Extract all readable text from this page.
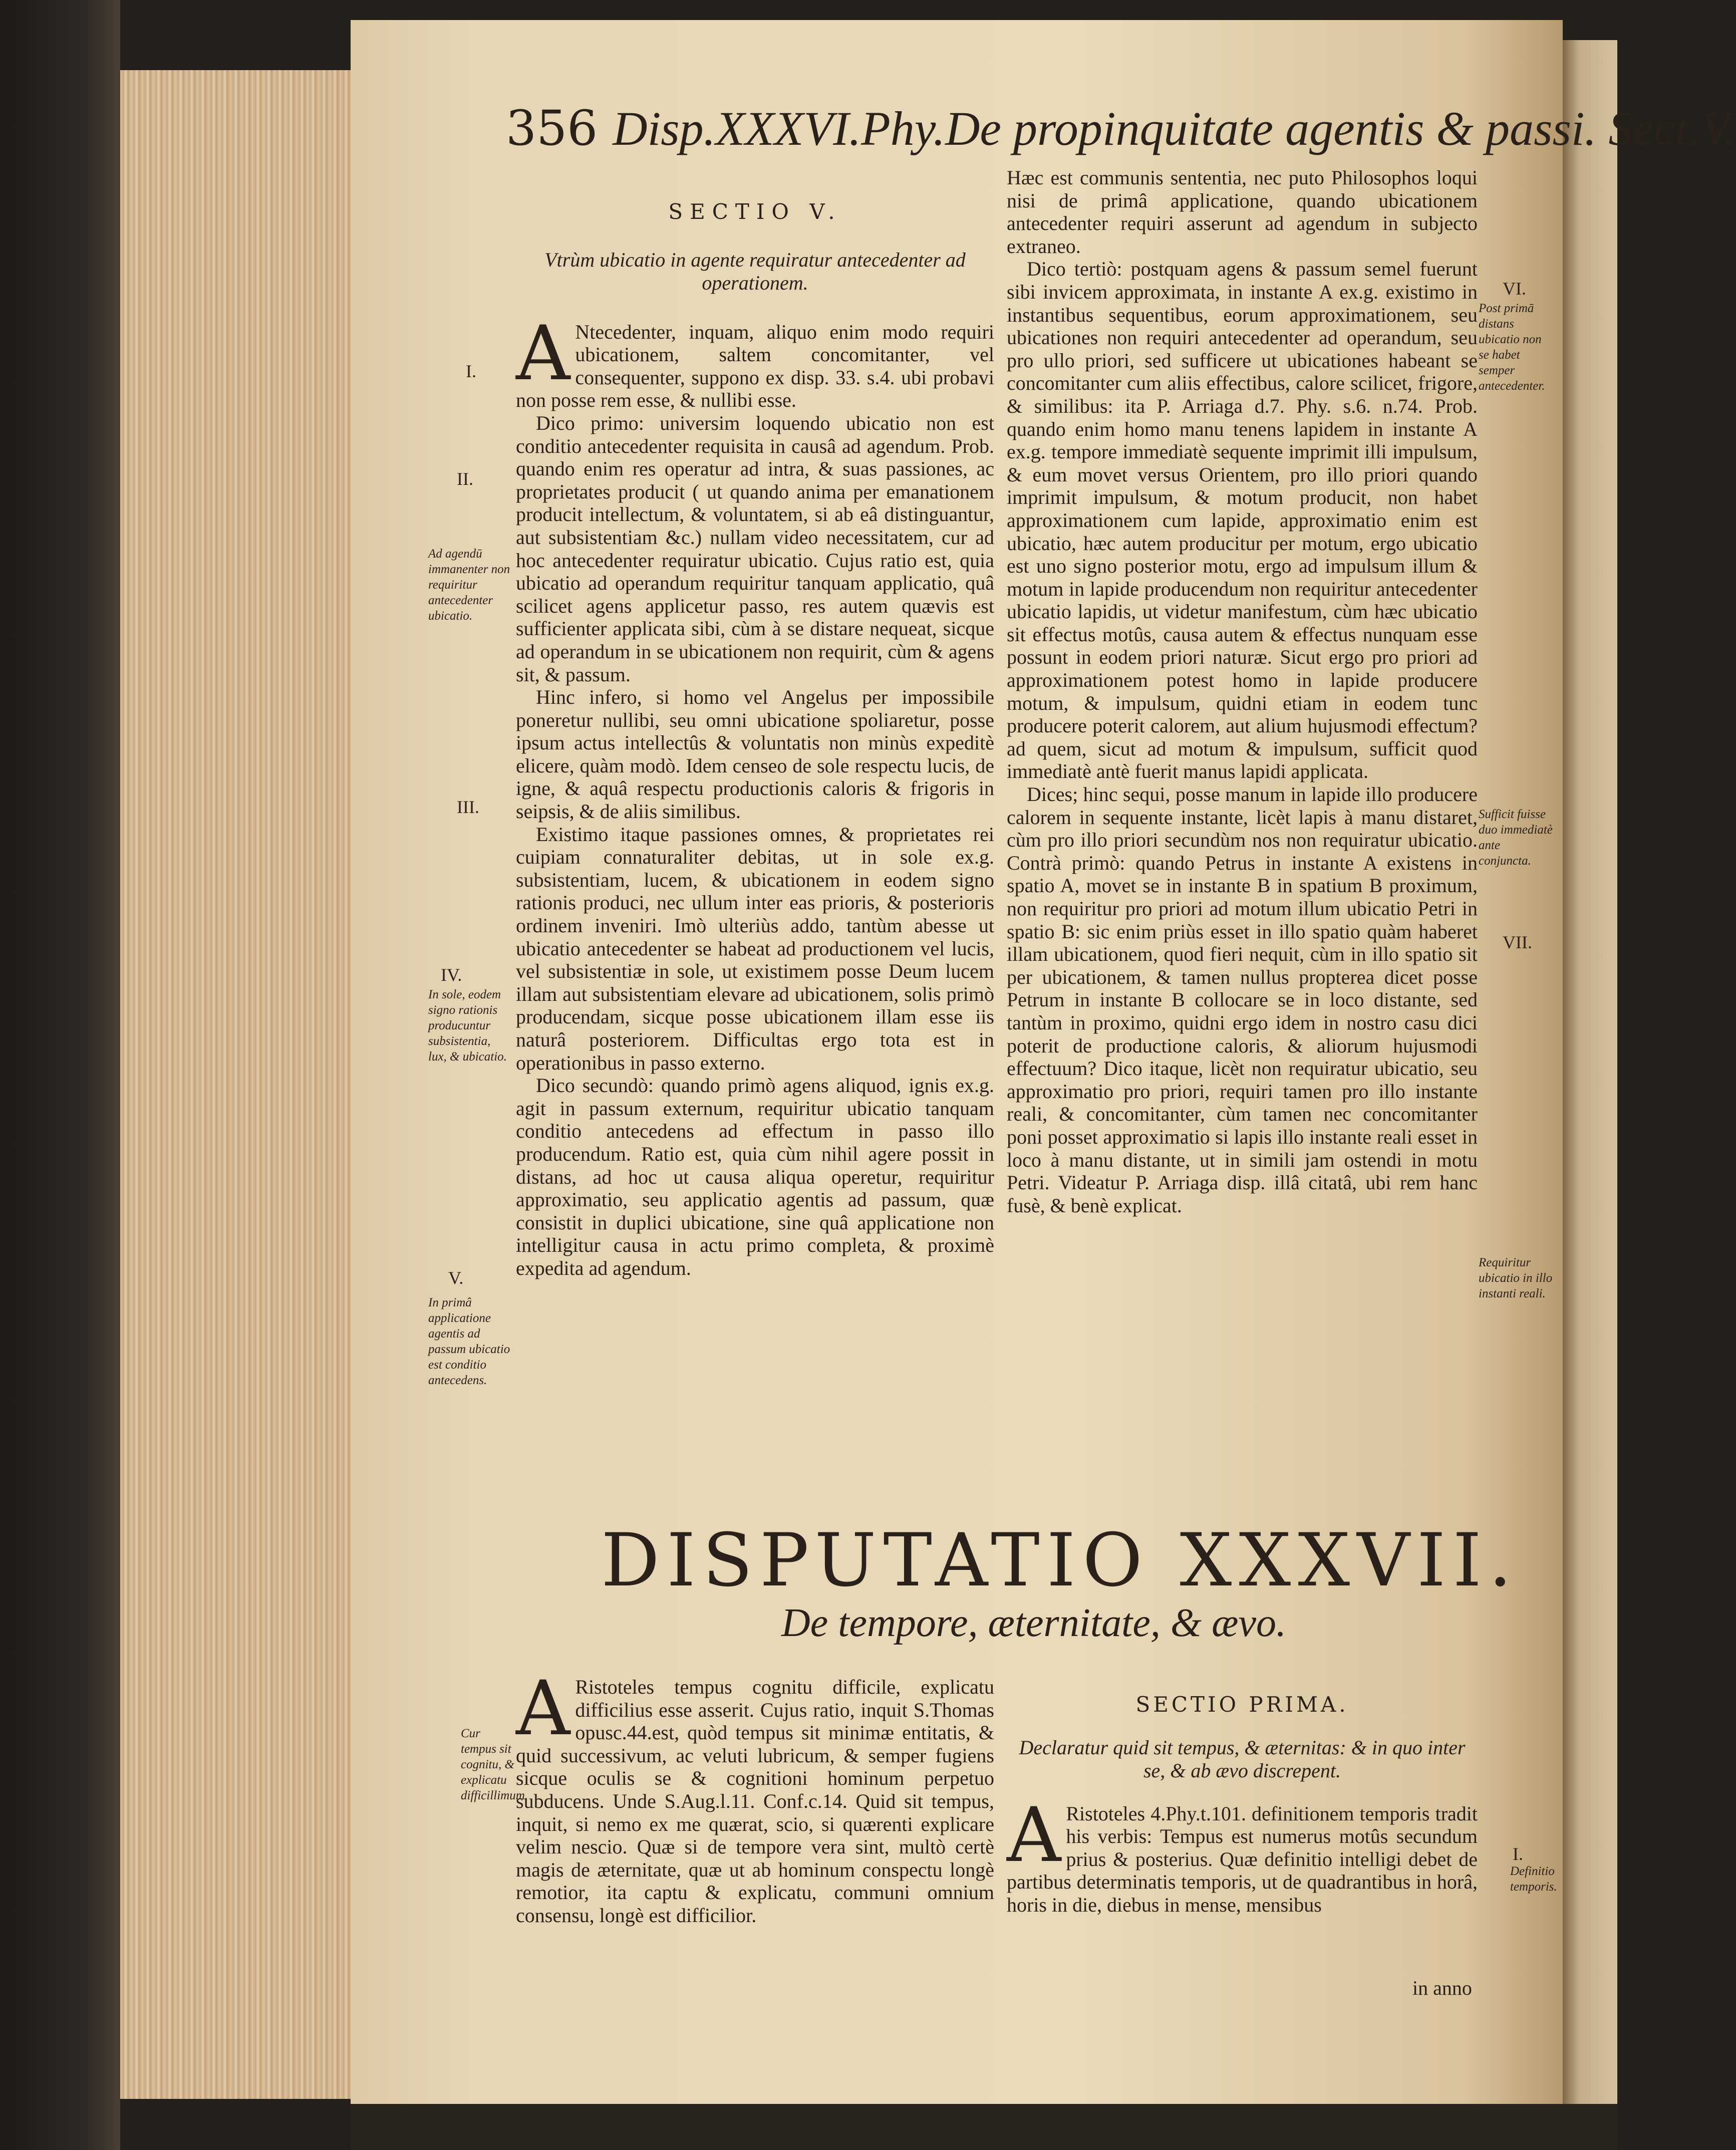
356 Disp.XXXVI.Phy.De propinquitate agentis & passi. Sect.V.

SECTIO V.

Vtrùm ubicatio in agente requiratur antecedenter ad operationem.

ANtecedenter, inquam, aliquo enim modo requiri ubicationem, saltem concomitanter, vel consequenter, suppono ex disp. 33. s.4. ubi probavi non posse rem esse, & nullibi esse.

Dico primo: universim loquendo ubicatio non est conditio antecedenter requisita in causâ ad agendum. Prob. quando enim res operatur ad intra, & suas passiones, ac proprietates producit ( ut quando anima per emanationem producit intellectum, & voluntatem, si ab eâ distinguantur, aut subsistentiam &c.) nullam video necessitatem, cur ad hoc antecedenter requiratur ubicatio. Cujus ratio est, quia ubicatio ad operandum requiritur tanquam applicatio, quâ scilicet agens applicetur passo, res autem quævis est sufficienter applicata sibi, cùm à se distare nequeat, sicque ad operandum in se ubicationem non requirit, cùm & agens sit, & passum.

Hinc infero, si homo vel Angelus per impossibile poneretur nullibi, seu omni ubicatione spoliaretur, posse ipsum actus intellectûs & voluntatis non minùs expeditè elicere, quàm modò. Idem censeo de sole respectu lucis, de igne, & aquâ respectu productionis caloris & frigoris in seipsis, & de aliis similibus.

Existimo itaque passiones omnes, & proprietates rei cuipiam connaturaliter debitas, ut in sole ex.g. subsistentiam, lucem, & ubicationem in eodem signo rationis produci, nec ullum inter eas prioris, & posterioris ordinem inveniri. Imò ulteriùs addo, tantùm abesse ut ubicatio antecedenter se habeat ad productionem vel lucis, vel subsistentiæ in sole, ut existimem posse Deum lucem illam aut subsistentiam elevare ad ubicationem, solis primò producendam, sicque posse ubicationem illam esse iis naturâ posteriorem. Difficultas ergo tota est in operationibus in passo externo.

Dico secundò: quando primò agens aliquod, ignis ex.g. agit in passum externum, requiritur ubicatio tanquam conditio antecedens ad effectum in passo illo producendum. Ratio est, quia cùm nihil agere possit in distans, ad hoc ut causa aliqua operetur, requiritur approximatio, seu applicatio agentis ad passum, quæ consistit in duplici ubicatione, sine quâ applicatione non intelligitur causa in actu primo completa, & proximè expedita ad agendum.

I.
II.
III.
IV.
V.
Ad agendū immanenter non requiritur antecedenter ubicatio.
In sole, eodem signo rationis producuntur subsistentia, lux, & ubicatio.
In primâ applicatione agentis ad passum ubicatio est conditio antecedens.

Hæc est communis sententia, nec puto Philosophos loqui nisi de primâ applicatione, quando ubicationem antecedenter requiri asserunt ad agendum in subjecto extraneo.

Dico tertiò: postquam agens & passum semel fuerunt sibi invicem approximata, in instante A ex.g. existimo in instantibus sequentibus, eorum approximationem, seu ubicationes non requiri antecedenter ad operandum, seu pro ullo priori, sed sufficere ut ubicationes habeant se concomitanter cum aliis effectibus, calore scilicet, frigore, & similibus: ita P. Arriaga d.7. Phy. s.6. n.74. Prob. quando enim homo manu tenens lapidem in instante A ex.g. tempore immediatè sequente imprimit illi impulsum, & eum movet versus Orientem, pro illo priori quando imprimit impulsum, & motum producit, non habet approximationem cum lapide, approximatio enim est ubicatio, hæc autem producitur per motum, ergo ubicatio est uno signo posterior motu, ergo ad impulsum illum & motum in lapide producendum non requiritur antecedenter ubicatio lapidis, ut videtur manifestum, cùm hæc ubicatio sit effectus motûs, causa autem & effectus nunquam esse possunt in eodem priori naturæ. Sicut ergo pro priori ad approximationem potest homo in lapide producere motum, & impulsum, quidni etiam in eodem tunc producere poterit calorem, aut alium hujusmodi effectum? ad quem, sicut ad motum & impulsum, sufficit quod immediatè antè fuerit manus lapidi applicata.

Dices; hinc sequi, posse manum in lapide illo producere calorem in sequente instante, licèt lapis à manu distaret, cùm pro illo priori secundùm nos non requiratur ubicatio. Contrà primò: quando Petrus in instante A existens in spatio A, movet se in instante B in spatium B proximum, non requiritur pro priori ad motum illum ubicatio Petri in spatio B: sic enim priùs esset in illo spatio quàm haberet illam ubicationem, quod fieri nequit, cùm in illo spatio sit per ubicationem, & tamen nullus propterea dicet posse Petrum in instante B collocare se in loco distante, sed tantùm in proximo, quidni ergo idem in nostro casu dici poterit de productione caloris, & aliorum hujusmodi effectuum? Dico itaque, licèt non requiratur ubicatio, seu approximatio pro priori, requiri tamen pro illo instante reali, & concomitanter, cùm tamen nec concomitanter poni posset approximatio si lapis illo instante reali esset in loco à manu distante, ut in simili jam ostendi in motu Petri. Videatur P. Arriaga disp. illâ citatâ, ubi rem hanc fusè, & benè explicat.

VI.
VII.
Post primā distans ubicatio non se habet semper antecedenter.
Sufficit fuisse duo immediatè ante conjuncta.
Requiritur ubicatio in illo instanti reali.
DISPUTATIO XXXVII.
De tempore, æternitate, & ævo.

ARistoteles tempus cognitu difficile, explicatu difficilius esse asserit. Cujus ratio, inquit S.Thomas opusc.44.est, quòd tempus sit minimæ entitatis, & quid successivum, ac veluti lubricum, & semper fugiens sicque oculis se & cognitioni hominum perpetuo subducens. Unde S.Aug.l.11. Conf.c.14. Quid sit tempus, inquit, si nemo ex me quærat, scio, si quærenti explicare velim nescio. Quæ si de tempore vera sint, multò certè magis de æternitate, quæ ut ab hominum conspectu longè remotior, ita captu & explicatu, communi omnium consensu, longè est difficilior.

Cur tempus sit cognitu, & explicatu difficillimum.

SECTIO PRIMA.

Declaratur quid sit tempus, & æternitas: & in quo inter se, & ab ævo discrepent.

ARistoteles 4.Phy.t.101. definitionem temporis tradit his verbis: Tempus est numerus motûs secundum prius & posterius. Quæ definitio intelligi debet de partibus determinatis temporis, ut de quadrantibus in horâ, horis in die, diebus in mense, mensibus

in anno
I.
Definitio temporis.
